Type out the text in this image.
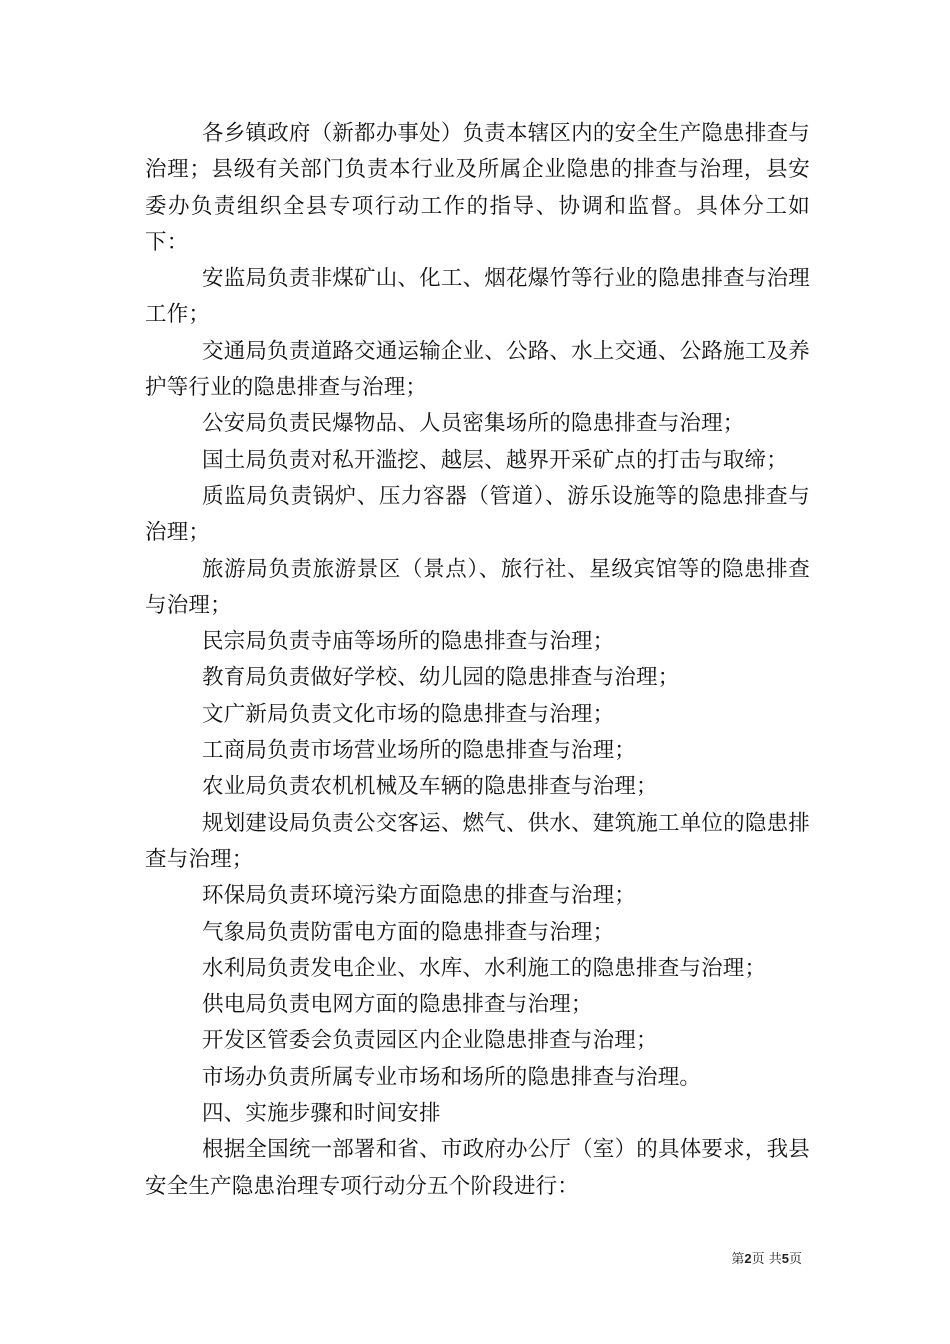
各乡镇政府（新都办事处）负责本辖区内的安全生产隐患排查与治理；县级有关部门负责本行业及所属企业隐患的排查与治理，县安委办负责组织全县专项行动工作的指导、协调和监督。具体分工如下：

安监局负责非煤矿山、化工、烟花爆竹等行业的隐患排查与治理工作；

交通局负责道路交通运输企业、公路、水上交通、公路施工及养护等行业的隐患排查与治理；

公安局负责民爆物品、人员密集场所的隐患排查与治理；

国土局负责对私开滥挖、越层、越界开采矿点的打击与取缔；

质监局负责锅炉、压力容器（管道）、游乐设施等的隐患排查与治理；

旅游局负责旅游景区（景点）、旅行社、星级宾馆等的隐患排查与治理；

民宗局负责寺庙等场所的隐患排查与治理；

教育局负责做好学校、幼儿园的隐患排查与治理；

文广新局负责文化市场的隐患排查与治理；

工商局负责市场营业场所的隐患排查与治理；

农业局负责农机机械及车辆的隐患排查与治理；

规划建设局负责公交客运、燃气、供水、建筑施工单位的隐患排查与治理；

环保局负责环境污染方面隐患的排查与治理；

气象局负责防雷电方面的隐患排查与治理；

水利局负责发电企业、水库、水利施工的隐患排查与治理；

供电局负责电网方面的隐患排查与治理；

开发区管委会负责园区内企业隐患排查与治理；

市场办负责所属专业市场和场所的隐患排查与治理。

四、实施步骤和时间安排

根据全国统一部署和省、市政府办公厅（室）的具体要求，我县安全生产隐患治理专项行动分五个阶段进行：

第2页 共5页
